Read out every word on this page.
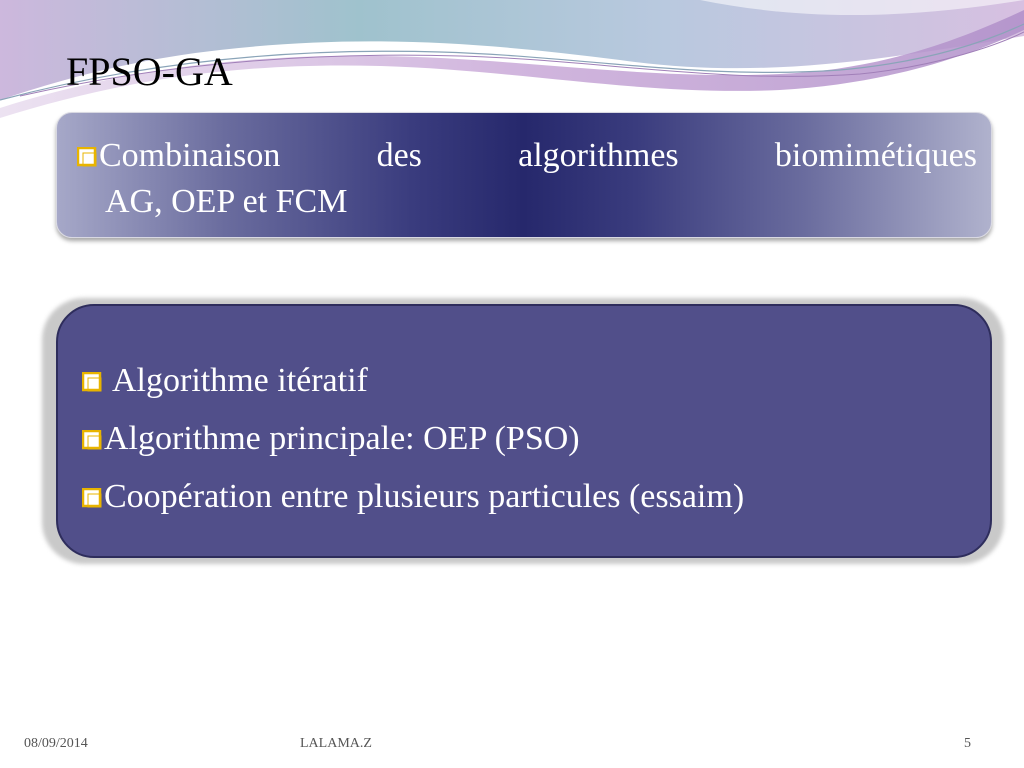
FPSO-GA
Combinaison	des	algorithmes	biomimétiques
AG, OEP et FCM
Algorithme itératif
Algorithme principale: OEP (PSO)
Coopération entre plusieurs particules (essaim)
08/09/2014	LALAMA.Z	5
